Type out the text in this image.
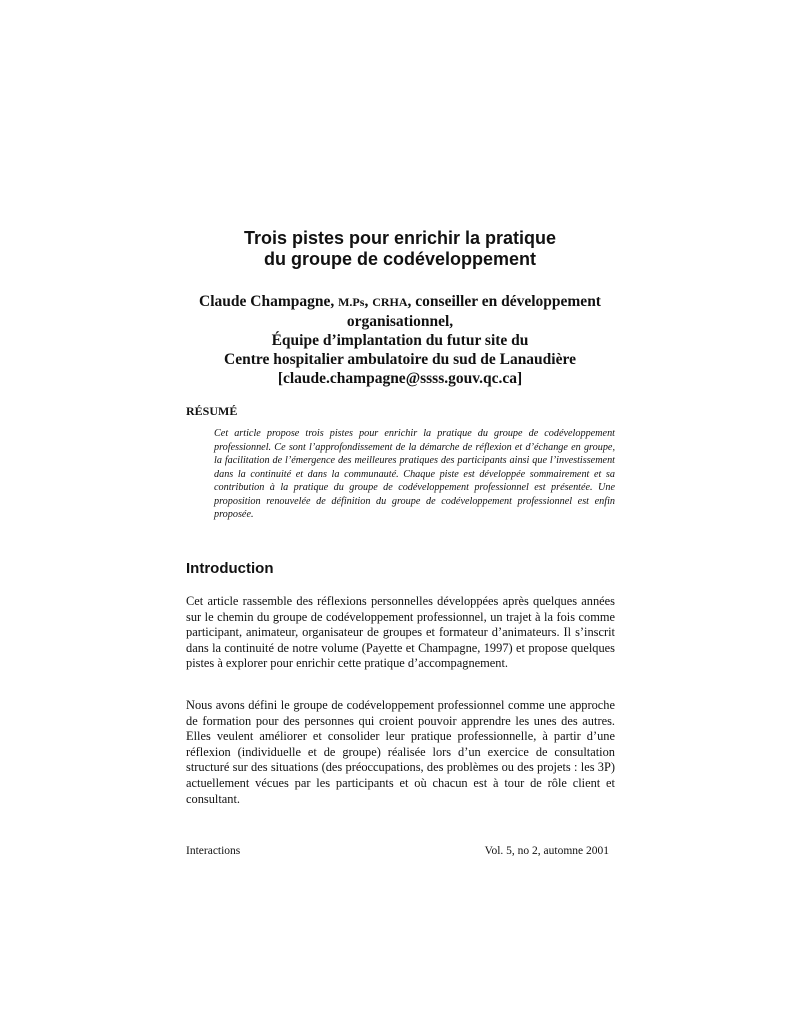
Trois pistes pour enrichir la pratique
du groupe de codéveloppement
Claude Champagne, M.Ps, CRHA, conseiller en développement
organisationnel,
Équipe d’implantation du futur site du
Centre hospitalier ambulatoire du sud de Lanaudière
[claude.champagne@ssss.gouv.qc.ca]
RÉSUMÉ

Cet article propose trois pistes pour enrichir la pratique du groupe de codéveloppement professionnel. Ce sont l’approfondissement de la démarche de réflexion et d’échange en groupe, la facilitation de l’émergence des meilleures pratiques des participants ainsi que l’investissement dans la continuité et dans la communauté. Chaque piste est développée sommairement et sa contribution à la pratique du groupe de codéveloppement professionnel est présentée. Une proposition renouvelée de définition du groupe de codéveloppement professionnel est enfin proposée.

Introduction

Cet article rassemble des réflexions personnelles développées après quelques années sur le chemin du groupe de codéveloppement professionnel, un trajet à la fois comme participant, animateur, organisateur de groupes et formateur d’animateurs. Il s’inscrit dans la continuité de notre volume (Payette et Champagne, 1997) et propose quelques pistes à explorer pour enrichir cette pratique d’accompagnement.

Nous avons défini le groupe de codéveloppement professionnel comme une approche de formation pour des personnes qui croient pouvoir apprendre les unes des autres. Elles veulent améliorer et consolider leur pratique professionnelle, à partir d’une réflexion (individuelle et de groupe) réalisée lors d’un exercice de consultation structuré sur des situations (des préoccupations, des problèmes ou des projets : les 3P) actuellement vécues par les participants et où chacun est à tour de rôle client et consultant.

Interactions	Vol. 5, no 2, automne 2001
